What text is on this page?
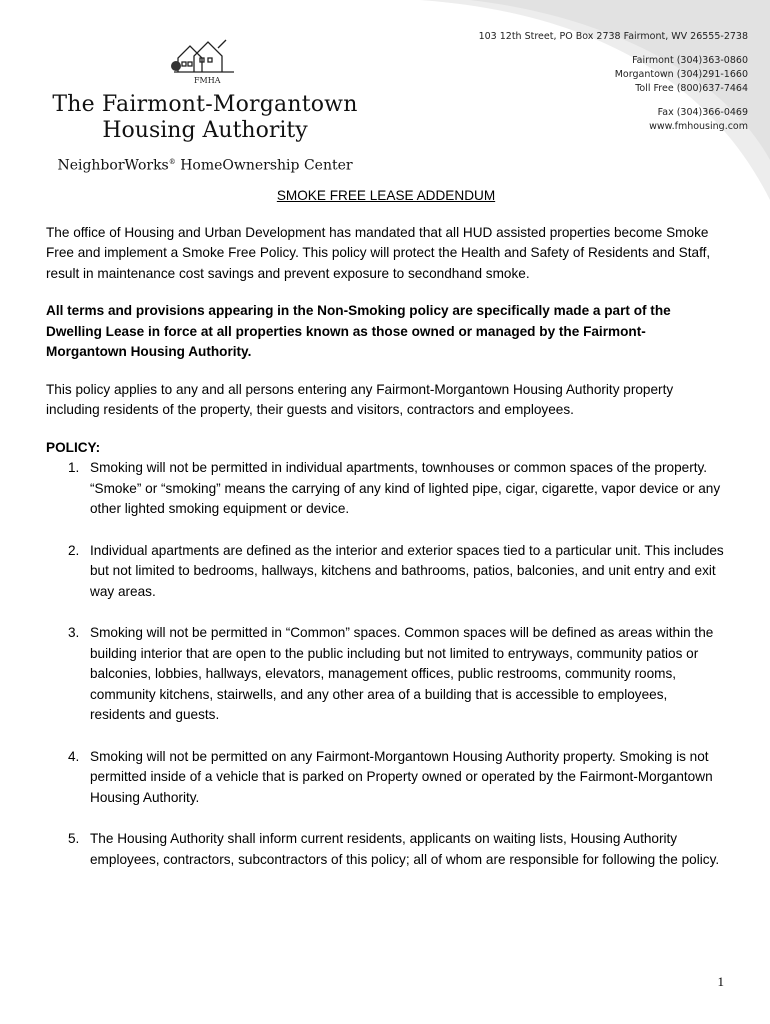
FMHA
The Fairmont-Morgantown
Housing Authority
NeighborWorks® HomeOwnership Center
103 12th Street, PO Box 2738 Fairmont, WV 26555-2738
Fairmont (304)363-0860
Morgantown (304)291-1660
Toll Free (800)637-7464
Fax (304)366-0469
www.fmhousing.com
SMOKE FREE LEASE ADDENDUM

The office of Housing and Urban Development has mandated that all HUD assisted properties become Smoke Free and implement a Smoke Free Policy. This policy will protect the Health and Safety of Residents and Staff, result in maintenance cost savings and prevent exposure to secondhand smoke.

All terms and provisions appearing in the Non-Smoking policy are specifically made a part of the Dwelling Lease in force at all properties known as those owned or managed by the Fairmont-Morgantown Housing Authority.

This policy applies to any and all persons entering any Fairmont-Morgantown Housing Authority property including residents of the property, their guests and visitors, contractors and employees.

POLICY:
1. Smoking will not be permitted in individual apartments, townhouses or common spaces of the property. “Smoke” or “smoking” means the carrying of any kind of lighted pipe, cigar, cigarette, vapor device or any other lighted smoking equipment or device.
2. Individual apartments are defined as the interior and exterior spaces tied to a particular unit. This includes but not limited to bedrooms, hallways, kitchens and bathrooms, patios, balconies, and unit entry and exit way areas.
3. Smoking will not be permitted in “Common” spaces. Common spaces will be defined as areas within the building interior that are open to the public including but not limited to entryways, community patios or balconies, lobbies, hallways, elevators, management offices, public restrooms, community rooms, community kitchens, stairwells, and any other area of a building that is accessible to employees, residents and guests.
4. Smoking will not be permitted on any Fairmont-Morgantown Housing Authority property. Smoking is not permitted inside of a vehicle that is parked on Property owned or operated by the Fairmont-Morgantown Housing Authority.
5. The Housing Authority shall inform current residents, applicants on waiting lists, Housing Authority employees, contractors, subcontractors of this policy; all of whom are responsible for following the policy.
1
